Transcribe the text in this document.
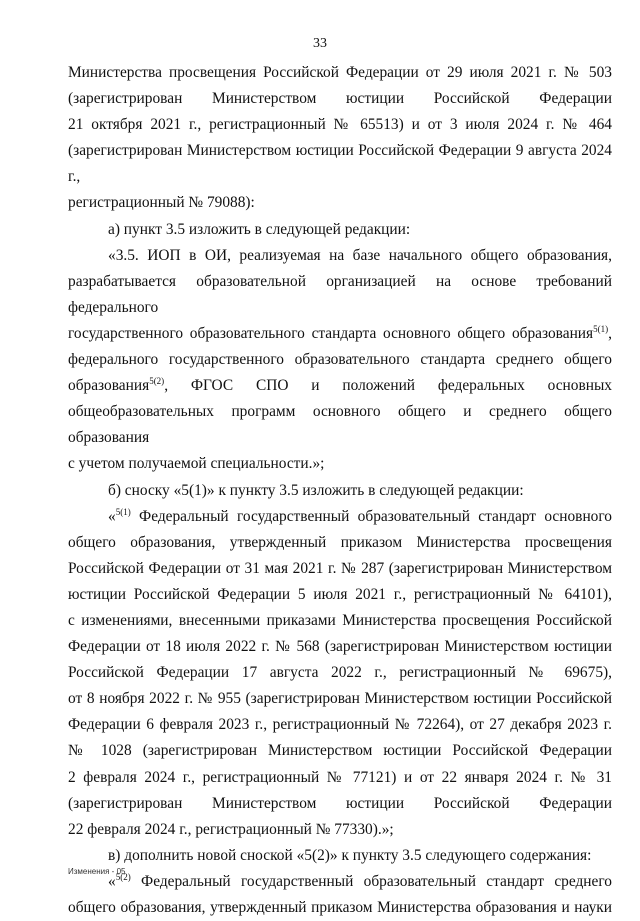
33
Министерства просвещения Российской Федерации от 29 июля 2021 г. № 503
(зарегистрирован Министерством юстиции Российской Федерации
21 октября 2021 г., регистрационный № 65513) и от 3 июля 2024 г. № 464
(зарегистрирован Министерством юстиции Российской Федерации 9 августа 2024 г.,
регистрационный № 79088):
а) пункт 3.5 изложить в следующей редакции:
«3.5. ИОП в ОИ, реализуемая на базе начального общего образования,
разрабатывается образовательной организацией на основе требований федерального
государственного образовательного стандарта основного общего образования$^{5(1)}$,
федерального государственного образовательного стандарта среднего общего
образования$^{5(2)}$, ФГОС СПО и положений федеральных основных
общеобразовательных программ основного общего и среднего общего образования
с учетом получаемой специальности.»;
б) сноску «5(1)» к пункту 3.5 изложить в следующей редакции:
«$^{5(1)}$ Федеральный государственный образовательный стандарт основного
общего образования, утвержденный приказом Министерства просвещения
Российской Федерации от 31 мая 2021 г. № 287 (зарегистрирован Министерством
юстиции Российской Федерации 5 июля 2021 г., регистрационный № 64101),
с изменениями, внесенными приказами Министерства просвещения Российской
Федерации от 18 июля 2022 г. № 568 (зарегистрирован Министерством юстиции
Российской Федерации 17 августа 2022 г., регистрационный № 69675),
от 8 ноября 2022 г. № 955 (зарегистрирован Министерством юстиции Российской
Федерации 6 февраля 2023 г., регистрационный № 72264), от 27 декабря 2023 г.
№ 1028 (зарегистрирован Министерством юстиции Российской Федерации
2 февраля 2024 г., регистрационный № 77121) и от 22 января 2024 г. № 31
(зарегистрирован Министерством юстиции Российской Федерации
22 февраля 2024 г., регистрационный № 77330).»;
в) дополнить новой сноской «5(2)» к пункту 3.5 следующего содержания:
«$^{5(2)}$ Федеральный государственный образовательный стандарт среднего
общего образования, утвержденный приказом Министерства образования и науки
Изменения - 05
